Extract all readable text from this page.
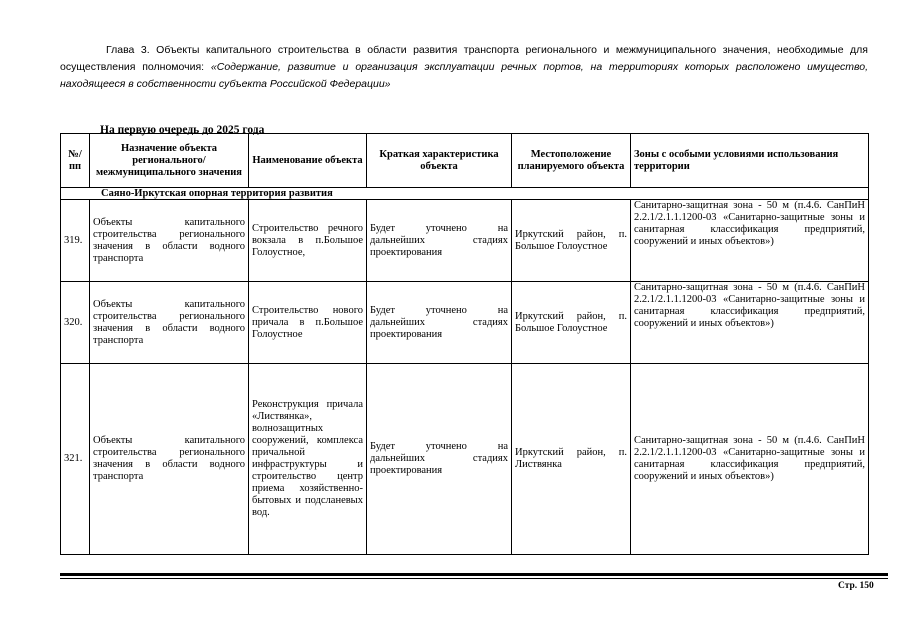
Глава 3. Объекты капитального строительства в области развития транспорта регионального и межмуниципального значения, необходимые для осуществления полномочия: «Содержание, развитие и организация эксплуатации речных портов, на территориях которых расположено имущество, находящееся в собственности субъекта Российской Федерации»
На первую очередь до 2025 года
№/пп	Назначение объекта регионального/ межмуниципального значения	Наименование объекта	Краткая характеристика объекта	Местоположение планируемого объекта	Зоны с особыми условиями использования территории
Саяно-Иркутская опорная территория развития					
319.	Объекты капитального строительства регионального значения в области водного транспорта	Строительство речного вокзала в п.Большое Голоустное,	Будет уточнено на дальнейших стадиях проектирования	Иркутский район, п. Большое Голоустное	Санитарно-защитная зона - 50 м (п.4.6. СанПиН 2.2.1/2.1.1.1200-03 «Санитарно-защитные зоны и санитарная классификация предприятий, сооружений и иных объектов»)
320.	Объекты капитального строительства регионального значения в области водного транспорта	Строительство нового причала в п.Большое Голоустное	Будет уточнено на дальнейших стадиях проектирования	Иркутский район, п. Большое Голоустное	Санитарно-защитная зона - 50 м (п.4.6. СанПиН 2.2.1/2.1.1.1200-03 «Санитарно-защитные зоны и санитарная классификация предприятий, сооружений и иных объектов»)
321.	Объекты капитального строительства регионального значения в области водного транспорта	Реконструкция причала «Листвянка», волнозащитных сооружений, комплекса причальной инфраструктуры и строительство центр приема хозяйственно-бытовых и подсланевых вод.	Будет уточнено на дальнейших стадиях проектирования	Иркутский район, п. Листвянка	Санитарно-защитная зона - 50 м (п.4.6. СанПиН 2.2.1/2.1.1.1200-03 «Санитарно-защитные зоны и санитарная классификация предприятий, сооружений и иных объектов»)
Стр. 150
